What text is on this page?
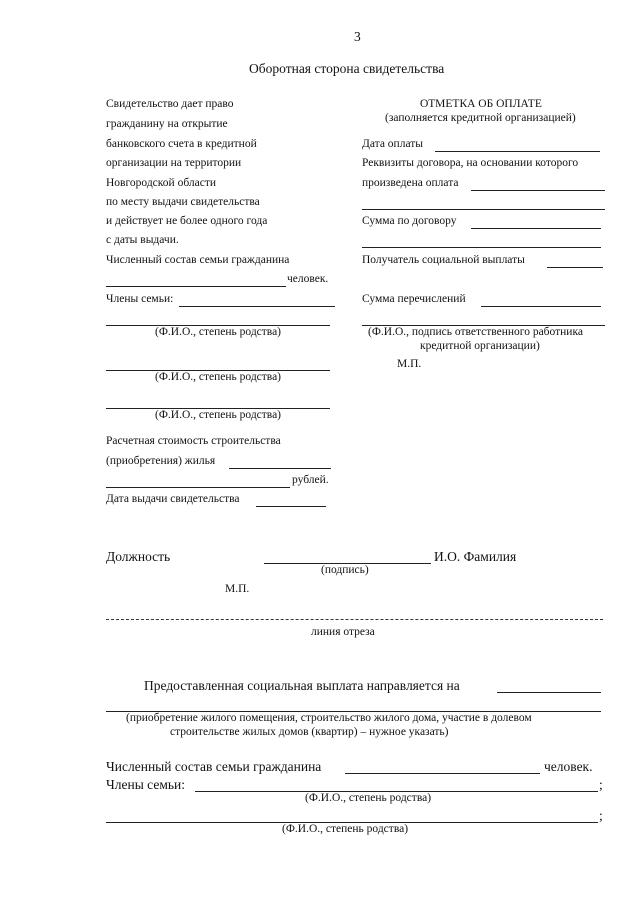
3
Оборотная сторона свидетельства
Свидетельство дает право
гражданину на открытие
банковского счета в кредитной
организации на территории
Новгородской области
по месту выдачи свидетельства
и действует не более одного года
с даты выдачи.
Численный состав семьи гражданина
человек.
Члены семьи:
(Ф.И.О., степень родства)
(Ф.И.О., степень родства)
(Ф.И.О., степень родства)
Расчетная стоимость строительства
(приобретения) жилья
рублей.
Дата выдачи свидетельства
ОТМЕТКА ОБ ОПЛАТЕ
(заполняется кредитной организацией)
Дата оплаты
Реквизиты договора, на основании которого
произведена оплата
Сумма по договору
Получатель социальной выплаты
Сумма перечислений
(Ф.И.О., подпись ответственного работника
кредитной организации)
М.П.
Должность	И.О. Фамилия
(подпись)
М.П.
линия отреза
Предоставленная социальная выплата направляется на
(приобретение жилого помещения, строительство жилого дома, участие в долевом
строительстве жилых домов (квартир) – нужное указать)
Численный состав семьи гражданина	человек.
Члены семьи:	;
(Ф.И.О., степень родства)
;
(Ф.И.О., степень родства)
